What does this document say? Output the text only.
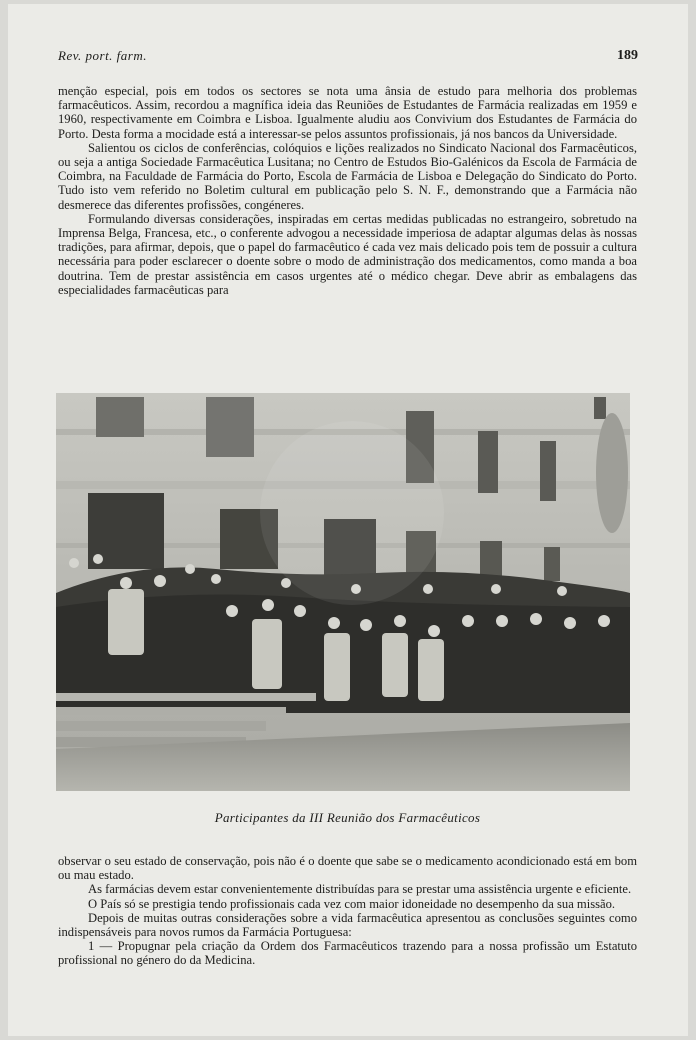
Rev. port. farm.	189

menção especial, pois em todos os sectores se nota uma ânsia de estudo para melhoria dos problemas farmacêuticos. Assim, recordou a magnífica ideia das Reuniões de Estudantes de Farmácia realizadas em 1959 e 1960, respectivamente em Coimbra e Lisboa. Igualmente aludiu aos Convivium dos Estudantes de Farmácia do Porto. Desta forma a mocidade está a interessar-se pelos assuntos profissionais, já nos bancos da Universidade.

Salientou os ciclos de conferências, colóquios e lições realizados no Sindicato Nacional dos Farmacêuticos, ou seja a antiga Sociedade Farmacêutica Lusitana; no Centro de Estudos Bio-Galénicos da Escola de Farmácia de Coimbra, na Faculdade de Farmácia do Porto, Escola de Farmácia de Lisboa e Delegação do Sindicato do Porto. Tudo isto vem referido no Boletim cultural em publicação pelo S. N. F., demonstrando que a Farmácia não desmerece das diferentes profissões, congéneres.

Formulando diversas considerações, inspiradas em certas medidas publicadas no estrangeiro, sobretudo na Imprensa Belga, Francesa, etc., o conferente advogou a necessidade imperiosa de adaptar algumas delas às nossas tradições, para afirmar, depois, que o papel do farmacêutico é cada vez mais delicado pois tem de possuir a cultura necessária para poder esclarecer o doente sobre o modo de administração dos medicamentos, como manda a boa doutrina. Tem de prestar assistência em casos urgentes até o médico chegar. Deve abrir as embalagens das especialidades farmacêuticas para

Participantes da III Reunião dos Farmacêuticos

observar o seu estado de conservação, pois não é o doente que sabe se o medicamento acondicionado está em bom ou mau estado.

As farmácias devem estar convenientemente distribuídas para se prestar uma assistência urgente e eficiente.

O País só se prestigia tendo profissionais cada vez com maior idoneidade no desempenho da sua missão.

Depois de muitas outras considerações sobre a vida farmacêutica apresentou as conclusões seguintes como indispensáveis para novos rumos da Farmácia Portuguesa:

1 — Propugnar pela criação da Ordem dos Farmacêuticos trazendo para a nossa profissão um Estatuto profissional no género do da Medicina.
